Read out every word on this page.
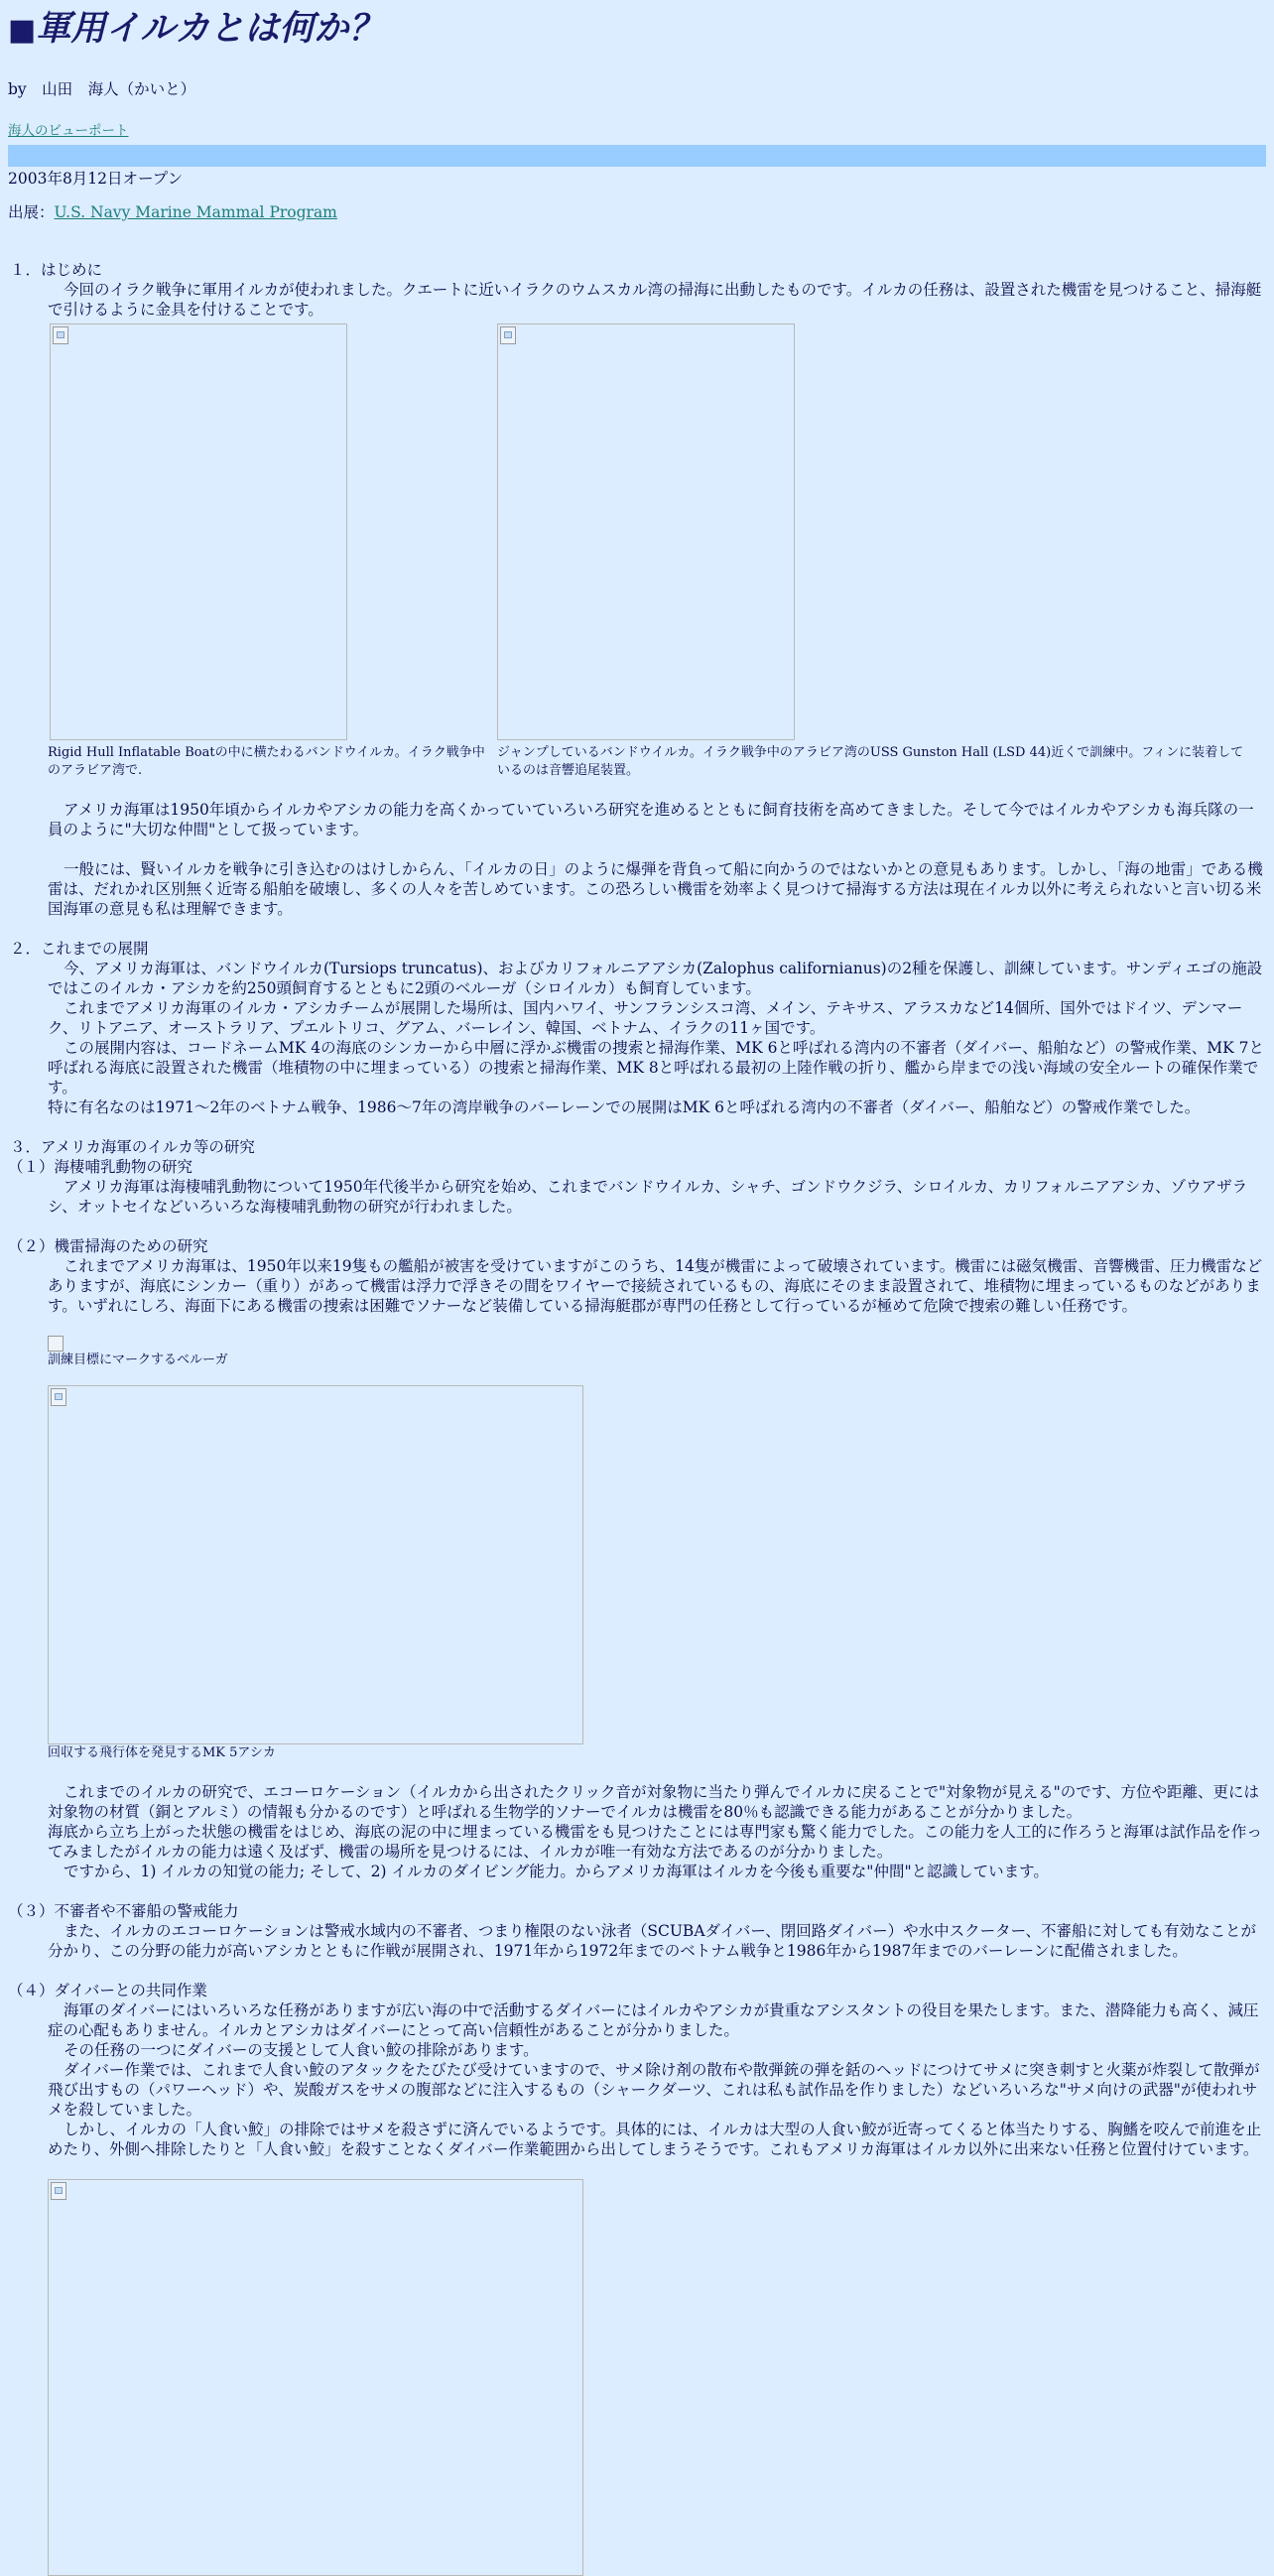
■軍用イルカとは何か？
by　山田　海人（かいと）
海人のビューポート
2003年8月12日オープン
出展：U.S. Navy Marine Mammal Program
１．はじめに
今回のイラク戦争に軍用イルカが使われました。クエートに近いイラクのウムスカル湾の掃海に出動したものです。イルカの任務は、設置された機雷を見つけること、掃海艇で引けるように金具を付けることです。
Rigid Hull Inflatable Boatの中に横たわるバンドウイルカ。イラク戦争中のアラビア湾で.
ジャンプしているバンドウイルカ。イラク戦争中のアラビア湾のUSS Gunston Hall (LSD 44)近くで訓練中。フィンに装着しているのは音響追尾装置。
アメリカ海軍は1950年頃からイルカやアシカの能力を高くかっていていろいろ研究を進めるとともに飼育技術を高めてきました。そして今ではイルカやアシカも海兵隊の一員のように"大切な仲間"として扱っています。
一般には、賢いイルカを戦争に引き込むのはけしからん、「イルカの日」のように爆弾を背負って船に向かうのではないかとの意見もあります。しかし、「海の地雷」である機雷は、だれかれ区別無く近寄る船舶を破壊し、多くの人々を苦しめています。この恐ろしい機雷を効率よく見つけて掃海する方法は現在イルカ以外に考えられないと言い切る米国海軍の意見も私は理解できます。
２．これまでの展開
今、アメリカ海軍は、バンドウイルカ(Tursiops truncatus)、およびカリフォルニアアシカ(Zalophus californianus)の2種を保護し、訓練しています。サンディエゴの施設ではこのイルカ・アシカを約250頭飼育するとともに2頭のベルーガ（シロイルカ）も飼育しています。
これまでアメリカ海軍のイルカ・アシカチームが展開した場所は、国内ハワイ、サンフランシスコ湾、メイン、テキサス、アラスカなど14個所、国外ではドイツ、デンマーク、リトアニア、オーストラリア、プエルトリコ、グアム、バーレイン、韓国、ベトナム、イラクの11ヶ国です。
この展開内容は、コードネームMK 4の海底のシンカーから中層に浮かぶ機雷の捜索と掃海作業、MK 6と呼ばれる湾内の不審者（ダイバー、船舶など）の警戒作業、MK 7と呼ばれる海底に設置された機雷（堆積物の中に埋まっている）の捜索と掃海作業、MK 8と呼ばれる最初の上陸作戦の折り、艦から岸までの浅い海域の安全ルートの確保作業です。
特に有名なのは1971～2年のベトナム戦争、1986～7年の湾岸戦争のバーレーンでの展開はMK 6と呼ばれる湾内の不審者（ダイバー、船舶など）の警戒作業でした。
３．アメリカ海軍のイルカ等の研究
（１）海棲哺乳動物の研究
アメリカ海軍は海棲哺乳動物について1950年代後半から研究を始め、これまでバンドウイルカ、シャチ、ゴンドウクジラ、シロイルカ、カリフォルニアアシカ、ゾウアザラシ、オットセイなどいろいろな海棲哺乳動物の研究が行われました。
（２）機雷掃海のための研究
これまでアメリカ海軍は、1950年以来19隻もの艦船が被害を受けていますがこのうち、14隻が機雷によって破壊されています。機雷には磁気機雷、音響機雷、圧力機雷などありますが、海底にシンカー（重り）があって機雷は浮力で浮きその間をワイヤーで接続されているもの、海底にそのまま設置されて、堆積物に埋まっているものなどがあります。いずれにしろ、海面下にある機雷の捜索は困難でソナーなど装備している掃海艇郡が専門の任務として行っているが極めて危険で捜索の難しい任務です。
訓練目標にマークするベルーガ
回収する飛行体を発見するMK 5アシカ
これまでのイルカの研究で、エコーロケーション（イルカから出されたクリック音が対象物に当たり弾んでイルカに戻ることで"対象物が見える"のです、方位や距離、更には対象物の材質（銅とアルミ）の情報も分かるのです）と呼ばれる生物学的ソナーでイルカは機雷を80％も認識できる能力があることが分かりました。
海底から立ち上がった状態の機雷をはじめ、海底の泥の中に埋まっている機雷をも見つけたことには専門家も驚く能力でした。この能力を人工的に作ろうと海軍は試作品を作ってみましたがイルカの能力は遠く及ばず、機雷の場所を見つけるには、イルカが唯一有効な方法であるのが分かりました。
ですから、1) イルカの知覚の能力; そして、2) イルカのダイビング能力。からアメリカ海軍はイルカを今後も重要な"仲間"と認識しています。
（３）不審者や不審船の警戒能力
また、イルカのエコーロケーションは警戒水域内の不審者、つまり権限のない泳者（SCUBAダイバー、閉回路ダイバー）や水中スクーター、不審船に対しても有効なことが分かり、この分野の能力が高いアシカとともに作戦が展開され、1971年から1972年までのベトナム戦争と1986年から1987年までのバーレーンに配備されました。
（４）ダイバーとの共同作業
海軍のダイバーにはいろいろな任務がありますが広い海の中で活動するダイバーにはイルカやアシカが貴重なアシスタントの役目を果たします。また、潜降能力も高く、減圧症の心配もありません。イルカとアシカはダイバーにとって高い信頼性があることが分かりました。
その任務の一つにダイバーの支援として人食い鮫の排除があります。
ダイバー作業では、これまで人食い鮫のアタックをたびたび受けていますので、サメ除け剤の散布や散弾銃の弾を銛のヘッドにつけてサメに突き刺すと火薬が炸裂して散弾が飛び出すもの（パワーヘッド）や、炭酸ガスをサメの腹部などに注入するもの（シャークダーツ、これは私も試作品を作りました）などいろいろな"サメ向けの武器"が使われサメを殺していました。
しかし、イルカの「人食い鮫」の排除ではサメを殺さずに済んでいるようです。具体的には、イルカは大型の人食い鮫が近寄ってくると体当たりする、胸鰭を咬んで前進を止めたり、外側へ排除したりと「人食い鮫」を殺すことなくダイバー作業範囲から出してしまうそうです。これもアメリカ海軍はイルカ以外に出来ない任務と位置付けています。
